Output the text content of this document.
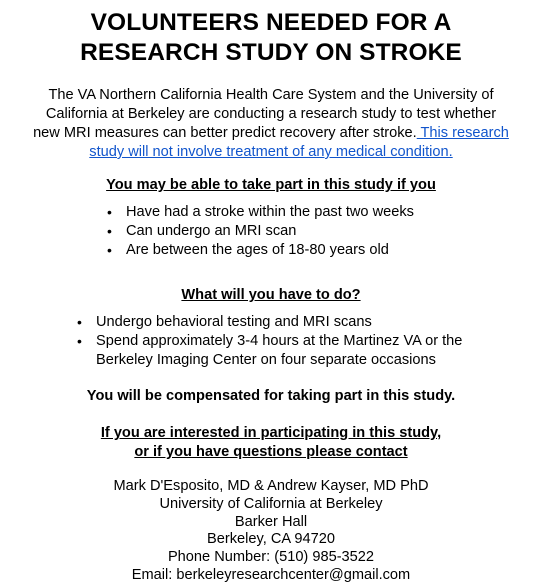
VOLUNTEERS NEEDED FOR A
RESEARCH STUDY ON STROKE
The VA Northern California Health Care System and the University of
California at Berkeley are conducting a research study to test whether
new MRI measures can better predict recovery after stroke. This research
study will not involve treatment of any medical condition.
You may be able to take part in this study if you
• Have had a stroke within the past two weeks
• Can undergo an MRI scan
• Are between the ages of 18-80 years old
What will you have to do?
• Undergo behavioral testing and MRI scans
• Spend approximately 3-4 hours at the Martinez VA or the
Berkeley Imaging Center on four separate occasions
You will be compensated for taking part in this study.
If you are interested in participating in this study,
or if you have questions please contact
Mark D'Esposito, MD & Andrew Kayser, MD PhD
University of California at Berkeley
Barker Hall
Berkeley, CA 94720
Phone Number: (510) 985-3522
Email: berkeleyresearchcenter@gmail.com
